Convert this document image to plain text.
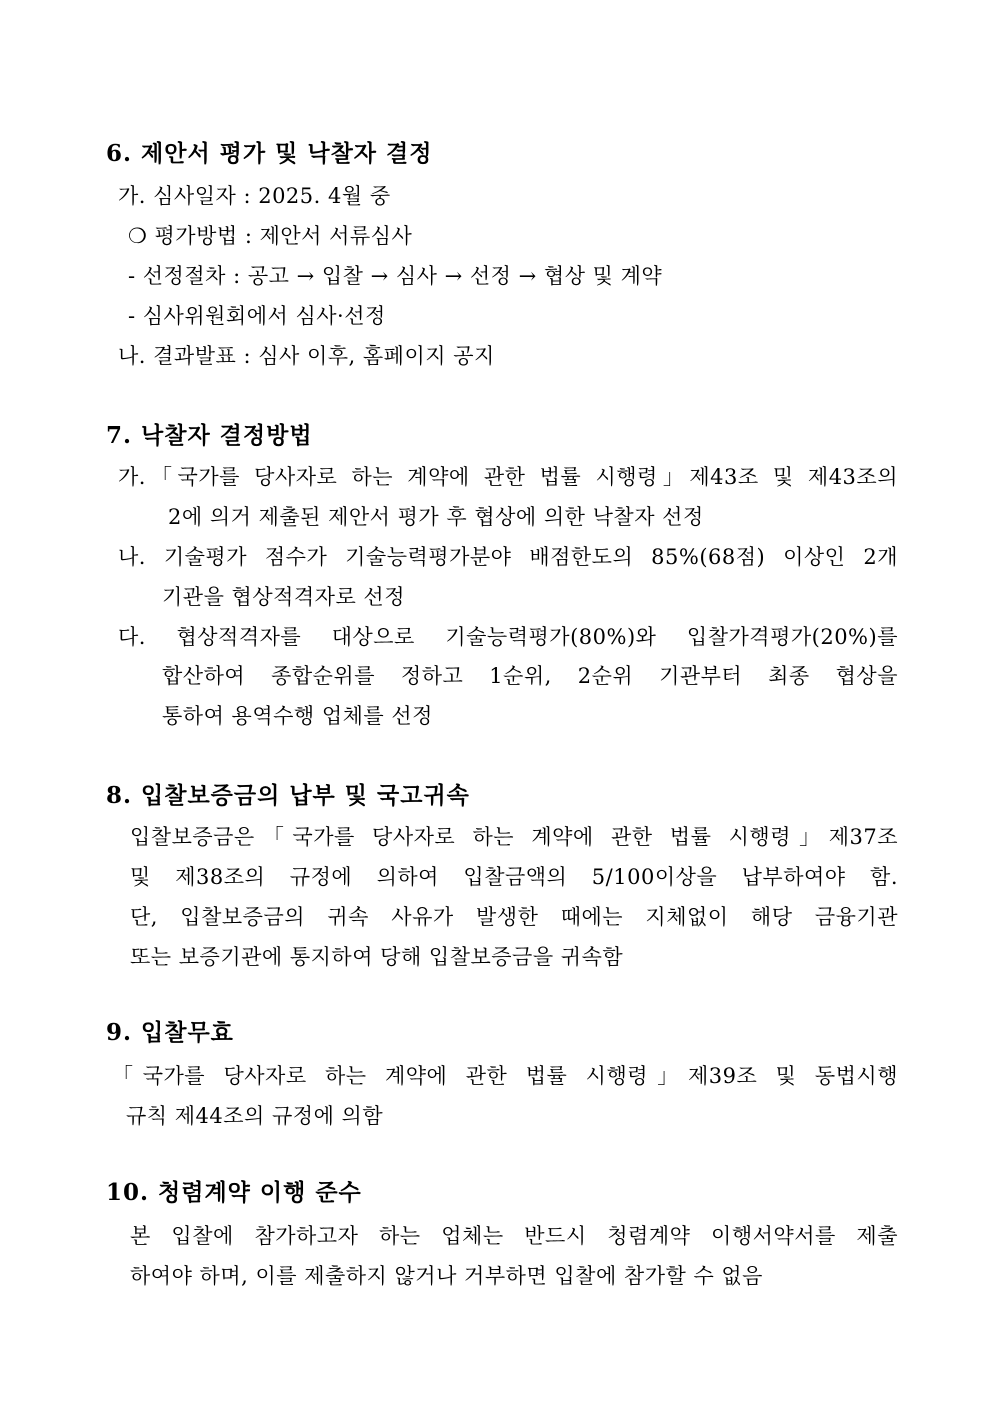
6. 제안서 평가 및 낙찰자 결정
가. 심사일자 : 2025. 4월 중
❍ 평가방법 : 제안서 서류심사
- 선정절차 : 공고 → 입찰 → 심사 → 선정 → 협상 및 계약
- 심사위원회에서 심사·선정
나. 결과발표 : 심사 이후, 홈페이지 공지
7. 낙찰자 결정방법
가.「국가를 당사자로 하는 계약에 관한 법률 시행령」제43조 및 제43조의
2에 의거 제출된 제안서 평가 후 협상에 의한 낙찰자 선정
나. 기술평가 점수가 기술능력평가분야 배점한도의 85%(68점) 이상인 2개
기관을 협상적격자로 선정
다. 협상적격자를 대상으로 기술능력평가(80%)와 입찰가격평가(20%)를
합산하여 종합순위를 정하고 1순위, 2순위 기관부터 최종 협상을
통하여 용역수행 업체를 선정
8. 입찰보증금의 납부 및 국고귀속
입찰보증금은「국가를 당사자로 하는 계약에 관한 법률 시행령」제37조
및 제38조의 규정에 의하여 입찰금액의 5/100이상을 납부하여야 함.
단, 입찰보증금의 귀속 사유가 발생한 때에는 지체없이 해당 금융기관
또는 보증기관에 통지하여 당해 입찰보증금을 귀속함
9. 입찰무효
「국가를 당사자로 하는 계약에 관한 법률 시행령」제39조 및 동법시행
규칙 제44조의 규정에 의함
10. 청렴계약 이행 준수
본 입찰에 참가하고자 하는 업체는 반드시 청렴계약 이행서약서를 제출
하여야 하며, 이를 제출하지 않거나 거부하면 입찰에 참가할 수 없음
